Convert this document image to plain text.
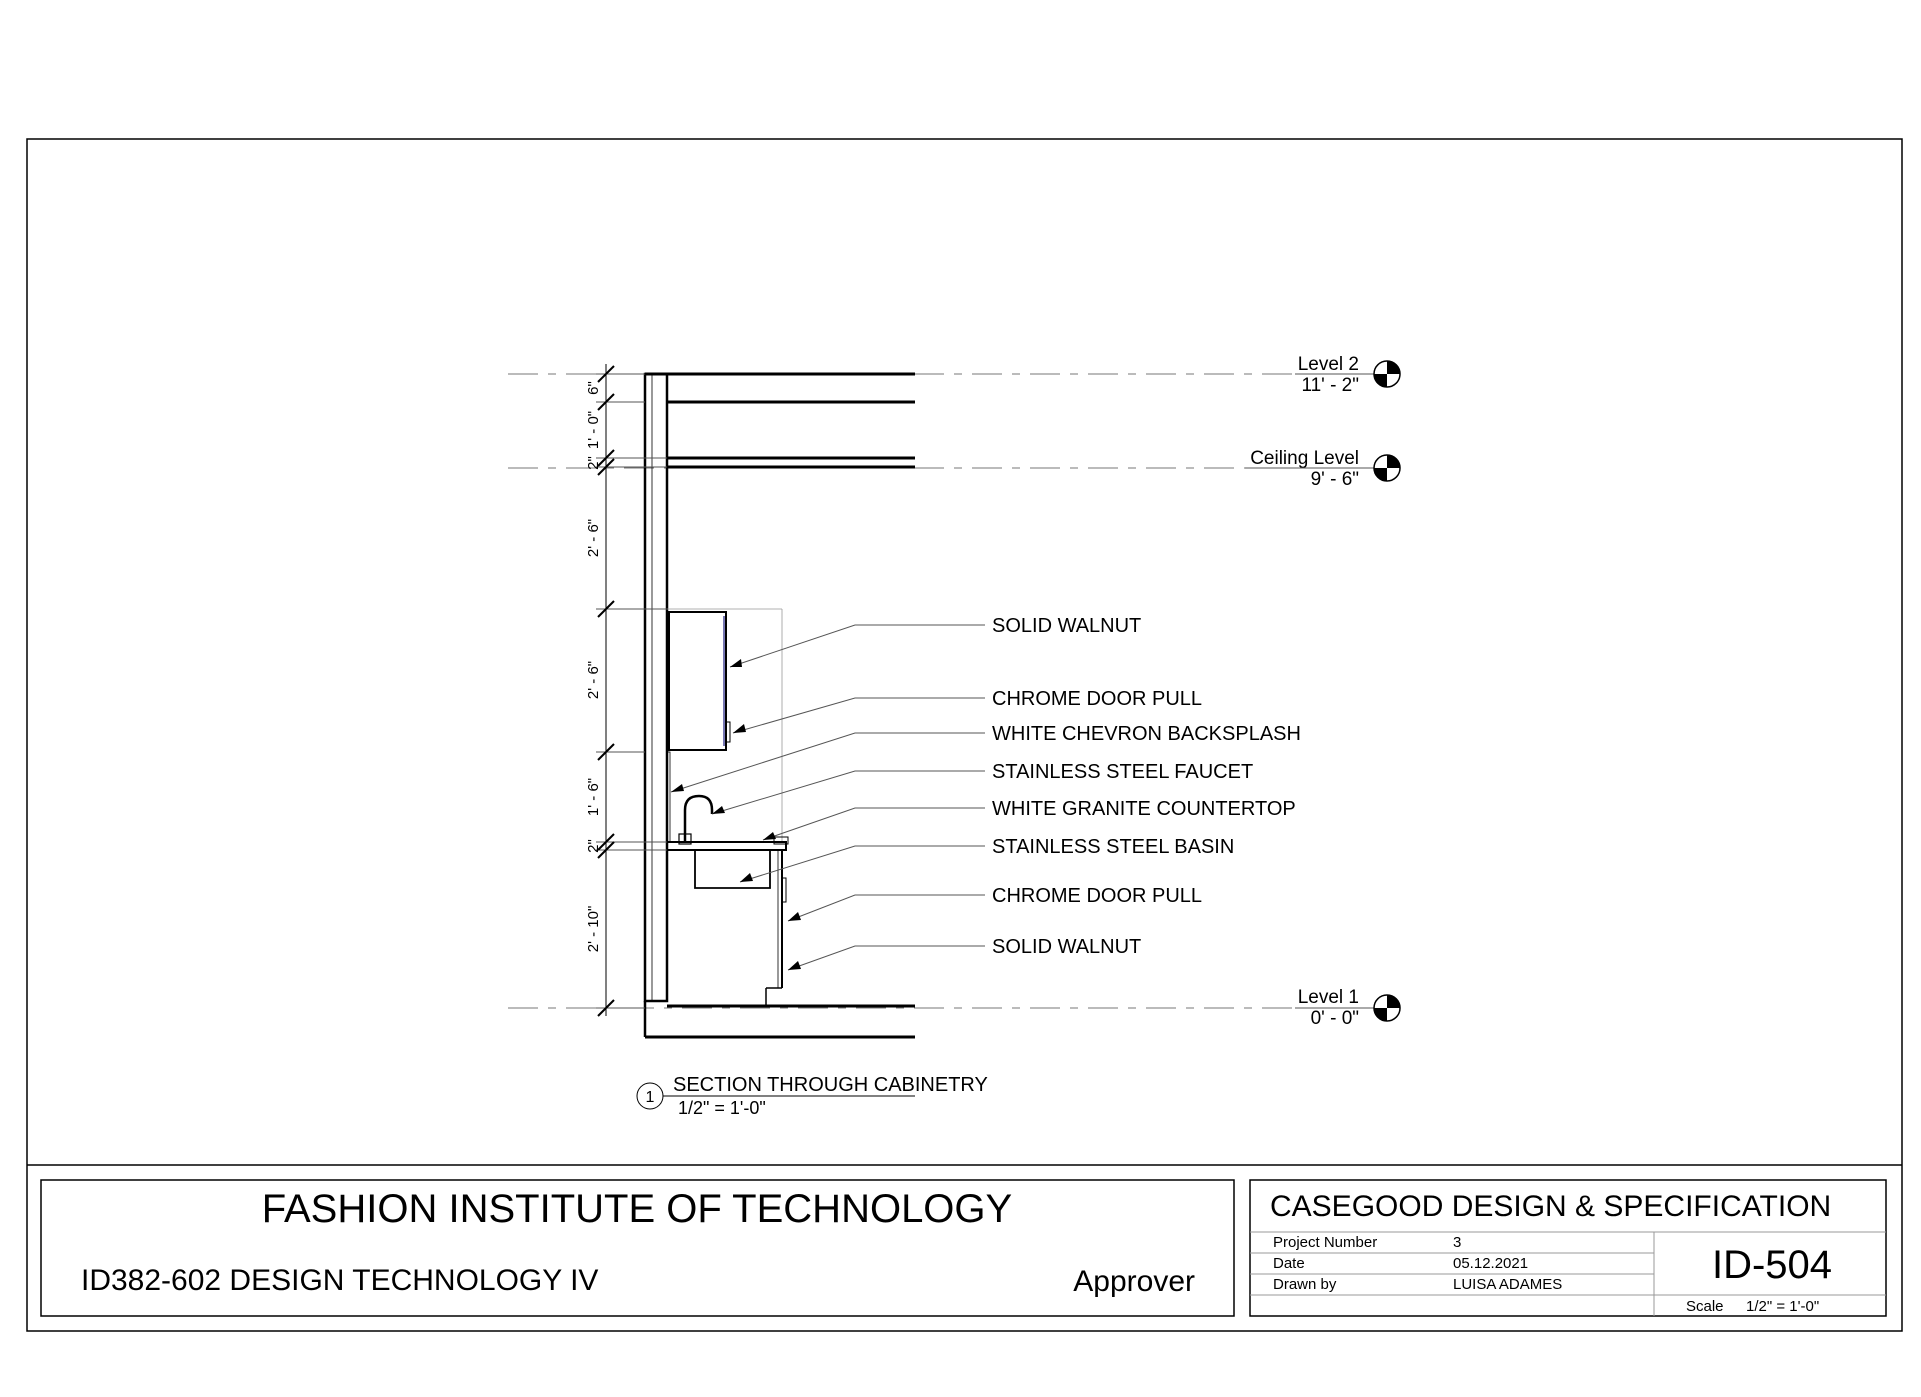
6"
1' - 0"
2"
2' - 6"
2' - 6"
1' - 6"
2"
2' - 10"
Level 2
11' - 2"
Ceiling Level
9' - 6"
Level 1
0' - 0"
SOLID WALNUT
CHROME DOOR PULL
WHITE CHEVRON BACKSPLASH
STAINLESS STEEL FAUCET
WHITE GRANITE COUNTERTOP
STAINLESS STEEL BASIN
CHROME DOOR PULL
SOLID WALNUT
1
SECTION THROUGH CABINETRY
1/2" = 1'-0"
FASHION INSTITUTE OF TECHNOLOGY
ID382-602 DESIGN TECHNOLOGY IV	Approver
CASEGOOD DESIGN & SPECIFICATION
Project Number	3
Date	05.12.2021
Drawn by	LUISA ADAMES	ID-504
Scale 1/2" = 1'-0"
